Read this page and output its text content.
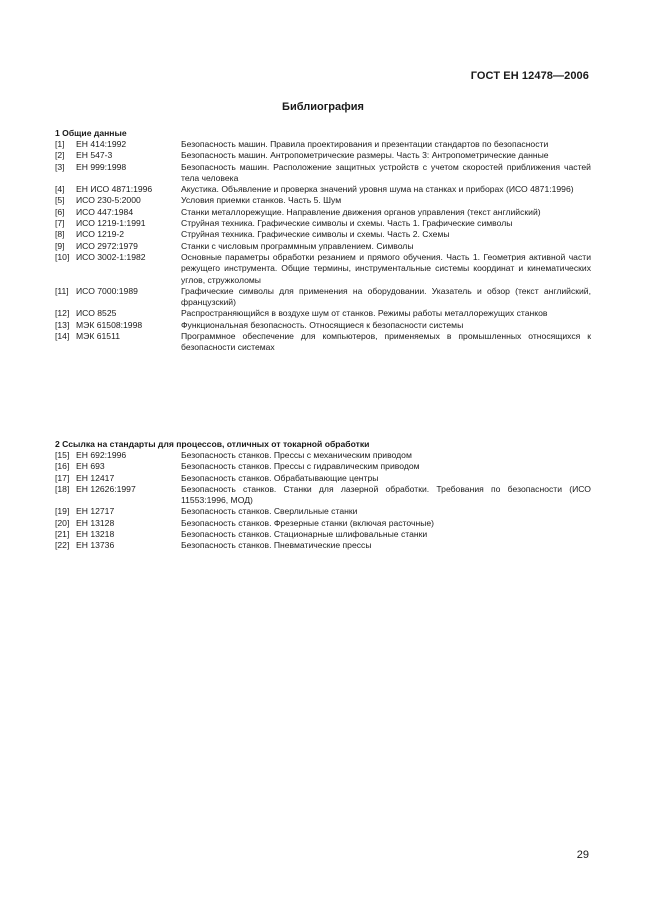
ГОСТ ЕН 12478—2006
Библиография
1 Общие данные
[1]	ЕН 414:1992	Безопасность машин. Правила проектирования и презентации стандартов по безопасности
[2]	ЕН 547-3	Безопасность машин. Антропометрические размеры. Часть 3: Антропометрические данные
[3]	ЕН 999:1998	Безопасность машин. Расположение защитных устройств с учетом скоростей приближения частей тела человека
[4]	ЕН ИСО 4871:1996	Акустика. Объявление и проверка значений уровня шума на станках и приборах (ИСО 4871:1996)
[5]	ИСО 230-5:2000	Условия приемки станков. Часть 5. Шум
[6]	ИСО 447:1984	Станки металлорежущие. Направление движения органов управления (текст английский)
[7]	ИСО 1219-1:1991	Струйная техника. Графические символы и схемы. Часть 1. Графические символы
[8]	ИСО 1219-2	Струйная техника. Графические символы и схемы. Часть 2. Схемы
[9]	ИСО 2972:1979	Станки с числовым программным управлением. Символы
[10] ИСО 3002-1:1982	Основные параметры обработки резанием и прямого обучения. Часть 1. Геометрия активной части режущего инструмента. Общие термины, инструментальные системы координат и кинематических углов, стружколомы
[11] ИСО 7000:1989	Графические символы для применения на оборудовании. Указатель и обзор (текст английский, французский)
[12] ИСО 8525	Распространяющийся в воздухе шум от станков. Режимы работы металлорежущих станков
[13] МЭК 61508:1998	Функциональная безопасность. Относящиеся к безопасности системы
[14] МЭК 61511	Программное обеспечение для компьютеров, применяемых в промышленных относящихся к безопасности системах
2 Ссылка на стандарты для процессов, отличных от токарной обработки
[15] ЕН 692:1996	Безопасность станков. Прессы с механическим приводом
[16] ЕН 693	Безопасность станков. Прессы с гидравлическим приводом
[17] ЕН 12417	Безопасность станков. Обрабатывающие центры
[18] ЕН 12626:1997	Безопасность станков. Станки для лазерной обработки. Требования по безопасности (ИСО 11553:1996, МОД)
[19] ЕН 12717	Безопасность станков. Сверлильные станки
[20] ЕН 13128	Безопасность станков. Фрезерные станки (включая расточные)
[21] ЕН 13218	Безопасность станков. Стационарные шлифовальные станки
[22] ЕН 13736	Безопасность станков. Пневматические прессы
29
